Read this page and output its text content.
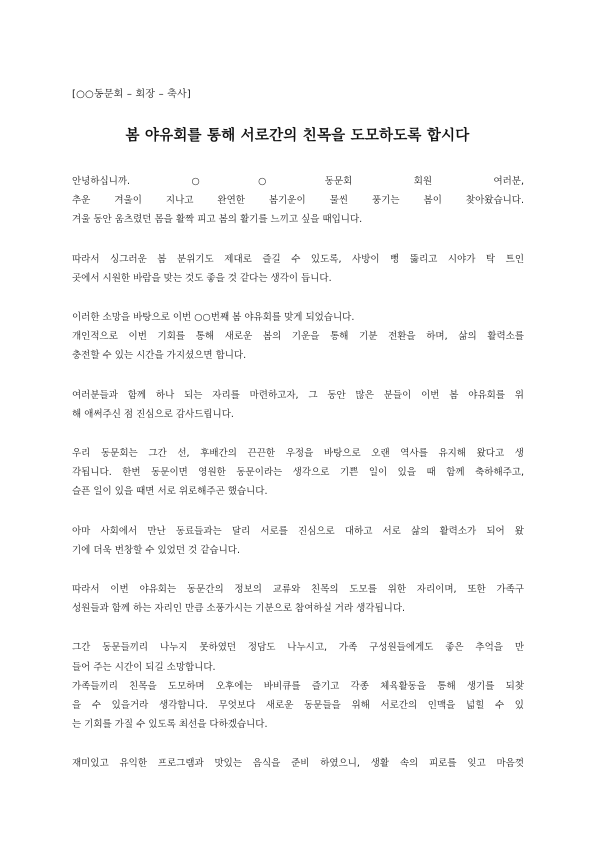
[○○동문회 – 회장 – 축사]
봄 야유회를 통해 서로간의 친목을 도모하도록 합시다

안녕하십니까. ○○동문회 회원 여러분,
추운 겨울이 지나고 완연한 봄기운이 물씬 풍기는 봄이 찾아왔습니다.
겨울 동안 움츠렸던 몸을 활짝 피고 봄의 활기를 느끼고 싶을 때입니다.

따라서 싱그러운 봄 분위기도 제대로 즐길 수 있도록, 사방이 뻥 뚫리고 시야가 탁 트인
곳에서 시원한 바람을 맞는 것도 좋을 것 같다는 생각이 듭니다.

이러한 소망을 바탕으로 이번 ○○번째 봄 야유회를 맞게 되었습니다.
개인적으로 이번 기회를 통해 새로운 봄의 기운을 통해 기분 전환을 하며, 삶의 활력소를
충전할 수 있는 시간을 가지셨으면 합니다.

여러분들과 함께 하나 되는 자리를 마련하고자, 그 동안 많은 분들이 이번 봄 야유회를 위
해 애써주신 점 진심으로 감사드립니다.

우리 동문회는 그간 선, 후배간의 끈끈한 우정을 바탕으로 오랜 역사를 유지해 왔다고 생
각됩니다. 한번 동문이면 영원한 동문이라는 생각으로 기쁜 일이 있을 때 함께 축하해주고,
슬픈 일이 있을 때면 서로 위로해주곤 했습니다.

아마 사회에서 만난 동료들과는 달리 서로를 진심으로 대하고 서로 삶의 활력소가 되어 왔
기에 더욱 번창할 수 있었던 것 같습니다.

따라서 이번 야유회는 동문간의 정보의 교류와 친목의 도모를 위한 자리이며, 또한 가족구
성원들과 함께 하는 자리인 만큼 소풍가시는 기분으로 참여하실 거라 생각됩니다.

그간 동문들끼리 나누지 못하였던 정담도 나누시고, 가족 구성원들에게도 좋은 추억을 만
들어 주는 시간이 되길 소망합니다.

가족들끼리 친목을 도모하며 오후에는 바비큐를 즐기고 각종 체육활동을 통해 생기를 되찾
을 수 있을거라 생각합니다. 무엇보다 새로운 동문들을 위해 서로간의 인맥을 넓힐 수 있
는 기회를 가질 수 있도록 최선을 다하겠습니다.

재미있고 유익한 프로그램과 맛있는 음식을 준비 하였으니, 생활 속의 피로를 잊고 마음껏
